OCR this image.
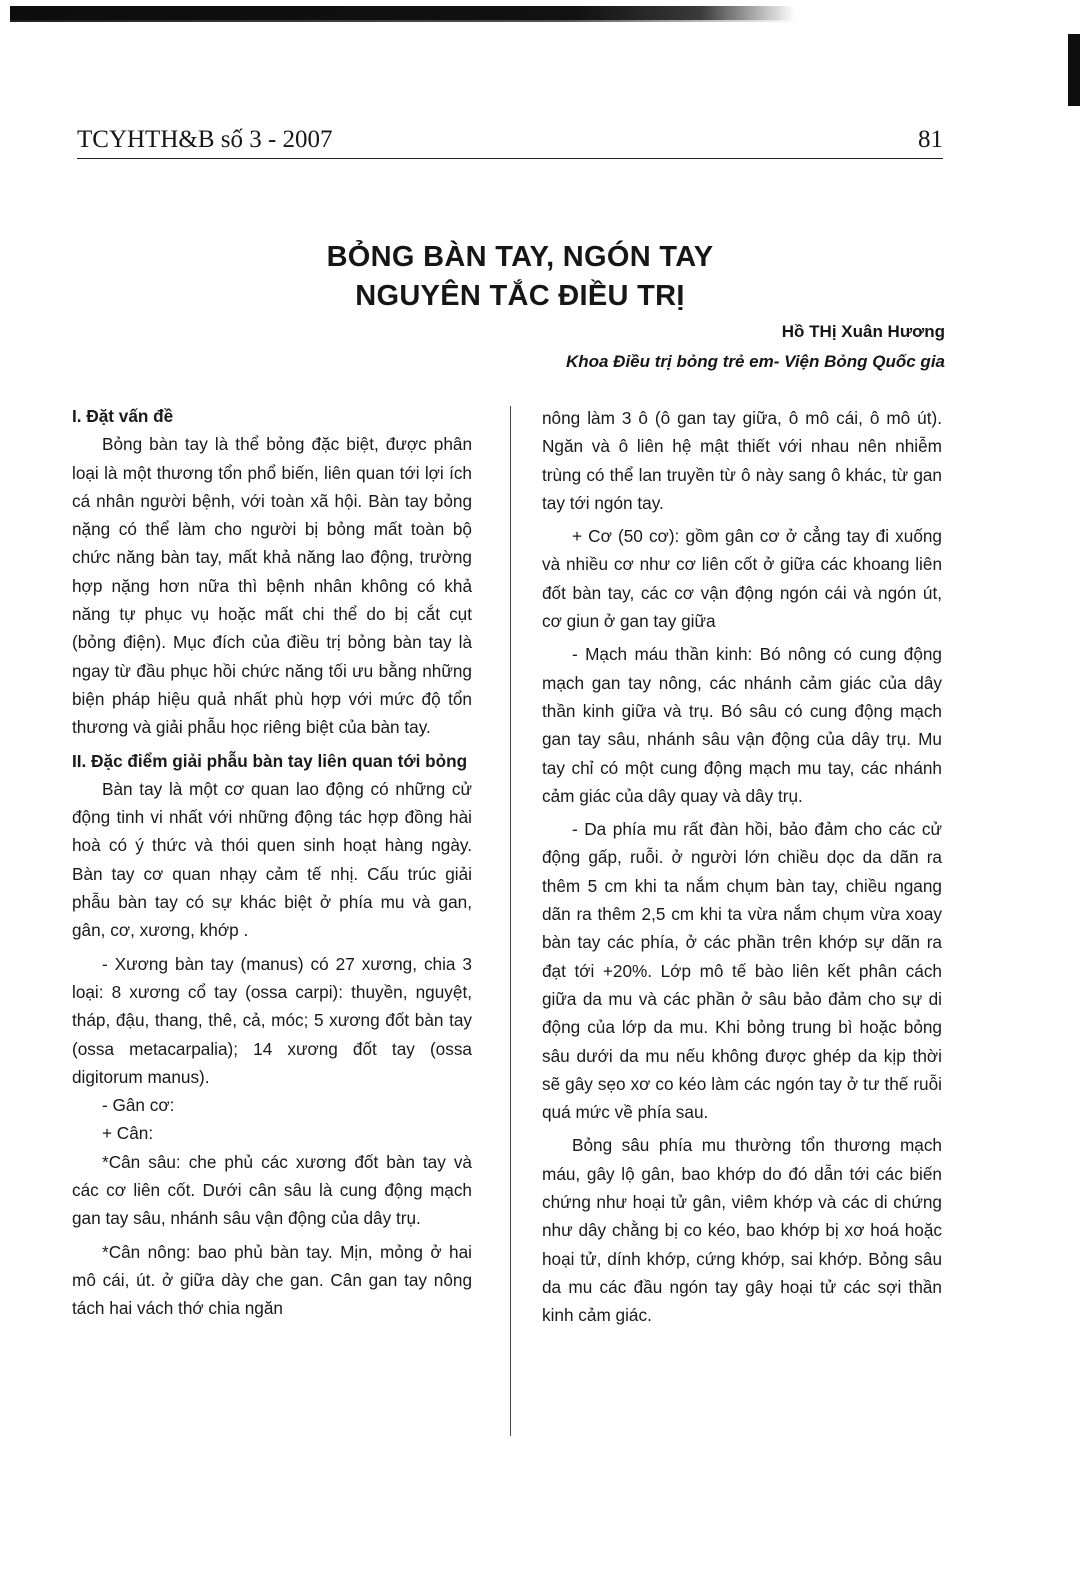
TCYHTH&B số 3 - 2007	81
BỎNG BÀN TAY, NGÓN TAY
NGUYÊN TẮC ĐIỀU TRỊ
Hồ THị Xuân Hương
Khoa Điều trị bỏng trẻ em- Viện Bỏng Quốc gia

I. Đặt vấn đề

Bỏng bàn tay là thể bỏng đặc biệt, được phân loại là một thương tổn phổ biến, liên quan tới lợi ích cá nhân người bệnh, với toàn xã hội. Bàn tay bỏng nặng có thể làm cho người bị bỏng mất toàn bộ chức năng bàn tay, mất khả năng lao động, trường hợp nặng hơn nữa thì bệnh nhân không có khả năng tự phục vụ hoặc mất chi thể do bị cắt cụt (bỏng điện). Mục đích của điều trị bỏng bàn tay là ngay từ đầu phục hồi chức năng tối ưu bằng những biện pháp hiệu quả nhất phù hợp với mức độ tổn thương và giải phẫu học riêng biệt của bàn tay.

II. Đặc điểm giải phẫu bàn tay liên quan tới bỏng

Bàn tay là một cơ quan lao động có những cử động tinh vi nhất với những động tác hợp đồng hài hoà có ý thức và thói quen sinh hoạt hàng ngày. Bàn tay cơ quan nhạy cảm tế nhị. Cấu trúc giải phẫu bàn tay có sự khác biệt ở phía mu và gan, gân, cơ, xương, khớp .

- Xương bàn tay (manus) có 27 xương, chia 3 loại: 8 xương cổ tay (ossa carpi): thuyền, nguyệt, tháp, đậu, thang, thê, cả, móc; 5 xương đốt bàn tay (ossa metacarpalia); 14 xương đốt tay (ossa digitorum manus).

- Gân cơ:

+ Cân:

*Cân sâu: che phủ các xương đốt bàn tay và các cơ liên cốt. Dưới cân sâu là cung động mạch gan tay sâu, nhánh sâu vận động của dây trụ.

*Cân nông: bao phủ bàn tay. Mịn, mỏng ở hai mô cái, út. ở giữa dày che gan. Cân gan tay nông tách hai vách thớ chia ngăn

nông làm 3 ô (ô gan tay giữa, ô mô cái, ô mô út). Ngăn và ô liên hệ mật thiết với nhau nên nhiễm trùng có thể lan truyền từ ô này sang ô khác, từ gan tay tới ngón tay.

+ Cơ (50 cơ): gồm gân cơ ở cẳng tay đi xuống và nhiều cơ như cơ liên cốt ở giữa các khoang liên đốt bàn tay, các cơ vận động ngón cái và ngón út, cơ giun ở gan tay giữa

- Mạch máu thần kinh: Bó nông có cung động mạch gan tay nông, các nhánh cảm giác của dây thần kinh giữa và trụ. Bó sâu có cung động mạch gan tay sâu, nhánh sâu vận động của dây trụ. Mu tay chỉ có một cung động mạch mu tay, các nhánh cảm giác của dây quay và dây trụ.

- Da phía mu rất đàn hồi, bảo đảm cho các cử động gấp, ruỗi. ở người lớn chiều dọc da dãn ra thêm 5 cm khi ta nắm chụm bàn tay, chiều ngang dãn ra thêm 2,5 cm khi ta vừa nắm chụm vừa xoay bàn tay các phía, ở các phần trên khớp sự dãn ra đạt tới +20%. Lớp mô tế bào liên kết phân cách giữa da mu và các phần ở sâu bảo đảm cho sự di động của lớp da mu. Khi bỏng trung bì hoặc bỏng sâu dưới da mu nếu không được ghép da kịp thời sẽ gây sẹo xơ co kéo làm các ngón tay ở tư thế ruỗi quá mức về phía sau.

Bỏng sâu phía mu thường tổn thương mạch máu, gây lộ gân, bao khớp do đó dẫn tới các biến chứng như hoại tử gân, viêm khớp và các di chứng như dây chằng bị co kéo, bao khớp bị xơ hoá hoặc hoại tử, dính khớp, cứng khớp, sai khớp. Bỏng sâu da mu các đầu ngón tay gây hoại tử các sợi thần kinh cảm giác.
